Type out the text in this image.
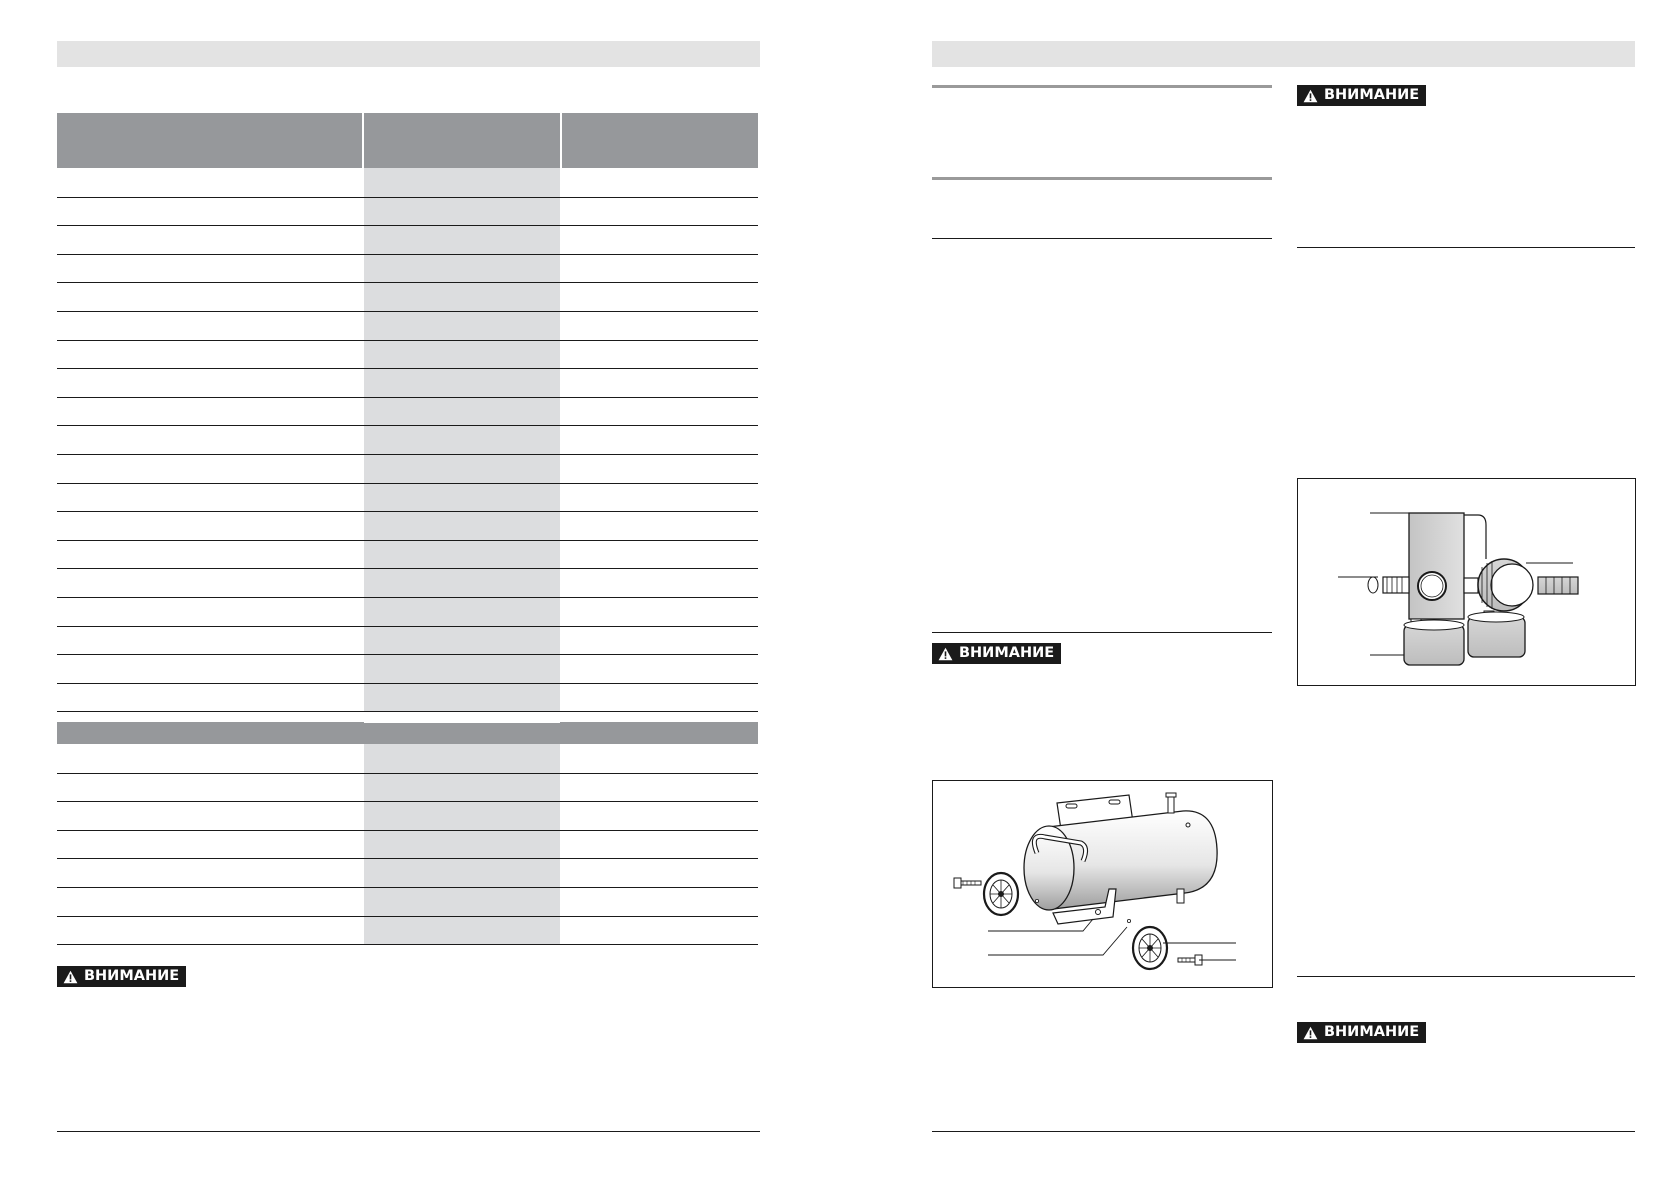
ВНИМАНИЕ
ВНИМАНИЕ
ВНИМАНИЕ
ВНИМАНИЕ
